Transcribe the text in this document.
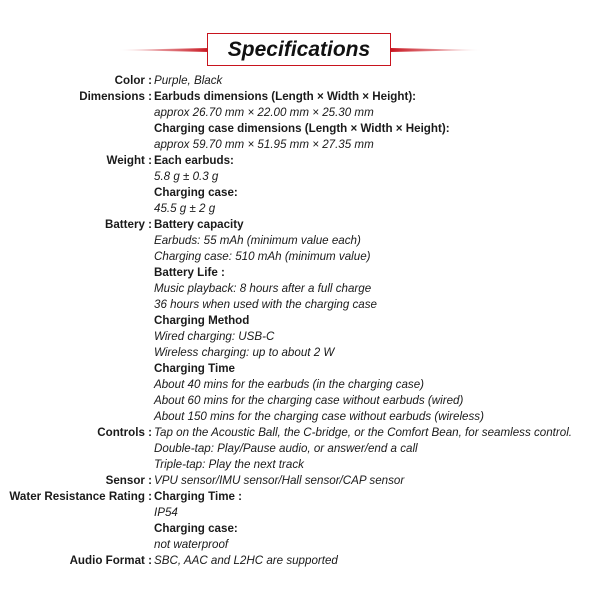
Specifications
Color : Purple, Black
Dimensions : Earbuds dimensions (Length × Width × Height):
approx 26.70 mm × 22.00 mm × 25.30 mm
Charging case dimensions (Length × Width × Height):
approx 59.70 mm × 51.95 mm × 27.35 mm
Weight : Each earbuds:
5.8 g ± 0.3 g
Charging case:
45.5 g ± 2 g
Battery : Battery capacity
Earbuds: 55 mAh (minimum value each)
Charging case: 510 mAh (minimum value)
Battery Life :
Music playback: 8 hours after a full charge
36 hours when used with the charging case
Charging Method
Wired charging: USB-C
Wireless charging: up to about 2 W
Charging Time
About 40 mins for the earbuds (in the charging case)
About 60 mins for the charging case without earbuds (wired)
About 150 mins for the charging case without earbuds (wireless)
Controls : Tap on the Acoustic Ball, the C-bridge, or the Comfort Bean, for seamless control.
Double-tap: Play/Pause audio, or answer/end a call
Triple-tap: Play the next track
Sensor : VPU sensor/IMU sensor/Hall sensor/CAP sensor
Water Resistance Rating : Charging Time :
IP54
Charging case:
not waterproof
Audio Format : SBC, AAC and L2HC are supported
